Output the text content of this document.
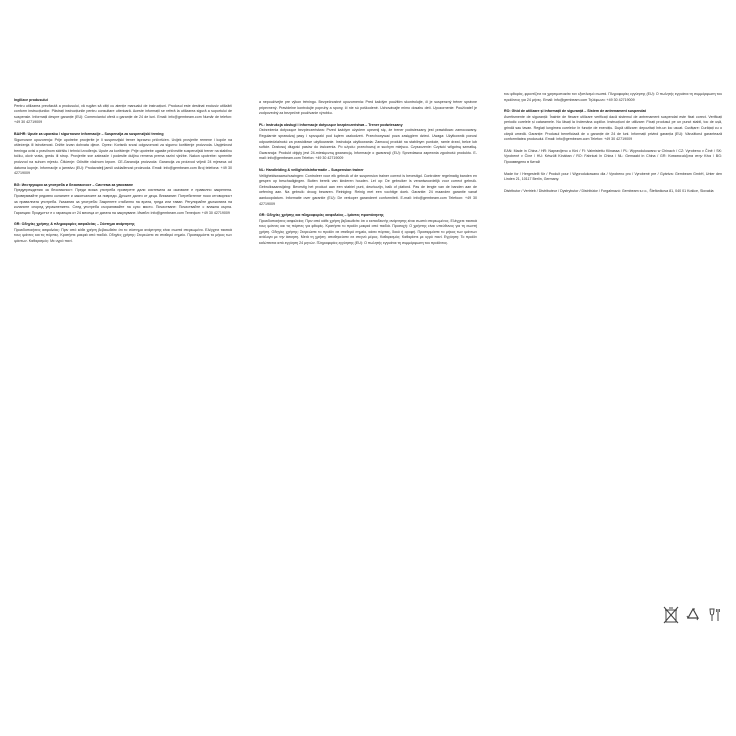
Ingilizce produsului
Pentru utilizarea prevăzută a produsului, vă rugăm să citiți cu atenție manualul de instrucțiuni. Produsul este destinat exclusiv utilizării conform instrucțiunilor. Păstrați instrucțiunile pentru consultare ulterioară. Aceste informații se referă la utilizarea sigură a suportului de suspensie. Informații despre garanție (EU): Comerciantul oferă o garanție de 24 de luni. Email: info@gembeam.com Număr de telefon: +49 30 42719009
BA/HR: Upute za uporabu / sigurnosne informacije – Suspenzija za suspenzijski trening
Sigurnosne upozorenja: Prije upotrebe provjerite je li suspenzijski trener ispravno pričvršćen. Uvijek provjerite remene i kopče na oštećenja ili istrošenost. Držite izvan dohvata djece. Oprez: Korisnik snosi odgovornost za sigurno korištenje proizvoda. Uspješnost treninga ovisi o pravilnom sidrištu i tehnici izvođenja. Upute za korištenje: Prije upotrebe ugasite pričvrstite suspenzijski trener na stabilnu točku, okvir vrata, gredu ili strop. Provjerite sve zatezače i podesite duljinu remena prema razini vježbe. Nakon upotrebe: spremite proizvod na suhom mjestu. Čišćenje: Očistite vlažnom krpom. CE-Garancija proizvoda: Garancija za proizvod vrijedi 24 mjeseca od datuma kupnje. Informacije o jamstvu (EU): Prodavatelj jamči usklađenost proizvoda. Email: info@gembeam.com Broj telefona: +49 30 42719009
BG: Инструкции за употреба и безопасност – Система за увисване
Предупреждения за безопасност: Преди всяка употреба проверете дали системата за окачване е правилно закрепена. Проверявайте редовно коланите и закопчалките за повреди. Дръжте далеч от деца. Внимание: Потребителят носи отговорност за правилната употреба. Указания за употреба: Закрепете стабилно на врата, греда или таван. Регулирайте дължината на коланите според упражнението. След употреба съхранявайте на сухо място. Почистване: Почиствайте с влажна кърпа. Гаранция: Продуктът е с гаранция от 24 месеца от датата на закупуване. Имейл: info@gembeam.com Телефон: +49 30 42719009
GR: Οδηγίες χρήσης & πληροφορίες ασφαλείας – Σύστημα ανάρτησης
Προειδοποιήσεις ασφαλείας: Πριν από κάθε χρήση βεβαιωθείτε ότι το σύστημα ανάρτησης είναι σωστά στερεωμένο. Ελέγχετε τακτικά τους ιμάντες και τις πόρπες. Κρατήστε μακριά από παιδιά. Οδηγίες χρήσης: Στερεώστε σε σταθερό σημείο. Προσαρμόστε το μήκος των ιμάντων. Καθαρισμός: Με υγρό πανί.
a nepoužívejte pre výkon tréningu. Bezpečnostné upozornenia: Pred každým použitím skontrolujte, či je suspenzný tréner správne pripevnený. Pravidelne kontrolujte popruhy a spony, či nie sú poškodené. Uchovávajte mimo dosahu detí. Upozornenie: Používateľ je zodpovedný za bezpečné používanie výrobku.
PL: Instrukcja obsługi i informacje dotyczące bezpieczeństwa – Trener podwieszany
Ostrzeżenia dotyczące bezpieczeństwa: Przed każdym użyciem upewnij się, że trener podwieszany jest prawidłowo zamocowany. Regularnie sprawdzaj pasy i sprzączki pod kątem uszkodzeń. Przechowywać poza zasięgiem dzieci. Uwaga: Użytkownik ponosi odpowiedzialność za prawidłowe użytkowanie. Instrukcja użytkowania: Zamocuj produkt na stabilnym punkcie, ramie drzwi, belce lub suficie. Dostosuj długość pasów do ćwiczenia. Po użyciu: przechowuj w suchym miejscu. Czyszczenie: Czyścić wilgotną szmatką. Gwarancja: Produkt objęty jest 24-miesięczną gwarancją. Informacje o gwarancji (EU): Sprzedawca zapewnia zgodność produktu. E-mail: info@gembeam.com Telefon: +49 30 42719009
NL: Handleiding & veiligheidsinformatie – Suspension trainer
Veiligheidswaarschuwingen: Controleer voor elk gebruik of de suspension trainer correct is bevestigd. Controleer regelmatig banden en gespen op beschadigingen. Buiten bereik van kinderen houden. Let op: De gebruiker is verantwoordelijk voor correct gebruik. Gebruiksaanwijzing: Bevestig het product aan een stabiel punt, deurkozijn, balk of plafond. Pas de lengte van de banden aan de oefening aan. Na gebruik: droog bewaren. Reiniging: Reinig met een vochtige doek. Garantie: 24 maanden garantie vanaf aankoopdatum. Informatie over garantie (EU): De verkoper garandeert conformiteit. E-mail: info@gembeam.com Telefoon: +49 30 42719009
GR: Οδηγίες χρήσης και πληροφορίες ασφαλείας – Ιμάντες προπόνησης
Προειδοποιήσεις ασφαλείας: Πριν από κάθε χρήση βεβαιωθείτε ότι ο εκπαιδευτής ανάρτησης είναι σωστά στερεωμένος. Ελέγχετε τακτικά τους ιμάντες και τις πόρπες για φθορές. Κρατήστε το προϊόν μακριά από παιδιά. Προσοχή: Ο χρήστης είναι υπεύθυνος για τη σωστή χρήση. Οδηγίες χρήσης: Στερεώστε το προϊόν σε σταθερό σημείο, κάσα πόρτας, δοκό ή οροφή. Προσαρμόστε το μήκος των ιμάντων ανάλογα με την άσκηση. Μετά τη χρήση: αποθηκεύστε σε στεγνό μέρος. Καθαρισμός: Καθαρίστε με υγρό πανί. Εγγύηση: Το προϊόν καλύπτεται από εγγύηση 24 μηνών. Πληροφορίες εγγύησης (EU): Ο πωλητής εγγυάται τη συμμόρφωση του προϊόντος.
του φθοράς, φροντίζετε να χρησιμοποιείτε τον εξοπλισμό σωστά. Πληροφορίες εγγύησης (EU): Ο πωλητής εγγυάται τη συμμόρφωση του προϊόντος για 24 μήνες. Email: info@gembeam.com Τηλέφωνο: +49 30 42719009
RO: Ghid de utilizare și informații de siguranță – Sistem de antrenament suspendat
Avertismente de siguranță: Înainte de fiecare utilizare verificați dacă sistemul de antrenament suspendat este fixat corect. Verificați periodic curelele și cataramele. Nu lăsați la îndemâna copiilor. Instrucțiuni de utilizare: Fixați produsul pe un punct stabil, toc de ușă, grindă sau tavan. Reglați lungimea curelelor în funcție de exercițiu. După utilizare: depozitați într-un loc uscat. Curățare: Curățați cu o cârpă umedă. Garanție: Produsul beneficiază de o garanție de 24 de luni. Informații privind garanția (EU): Vânzătorul garantează conformitatea produsului. Email: info@gembeam.com Telefon: +49 30 42719009
EAN: Made in China / HR: Napravljeno u Kini / FI: Valmistettu Kiinassa / PL: Wyprodukowano w Chinach / CZ: Vyrobeno v Číně / SK: Vyrobené v Číne / HU: Készült Kínában / RO: Fabricat în China / NL: Gemaakt in China / GR: Κατασκευάζεται στην Κίνα / BG: Произведено в Китай
Made for / Hergestellt für / Produit pour / Wyprodukowano dla / Vyrobeno pro / Vyrobené pre / Gyártva: Gembeam GmbH, Unter den Linden 21, 10117 Berlin, Germany.
Distributor / Vertrieb / Distributeur / Dystrybutor / Distribútor / Forgalmazó: Gembeam s.r.o., Štefánikova 81, 040 01 Košice, Slovakia
